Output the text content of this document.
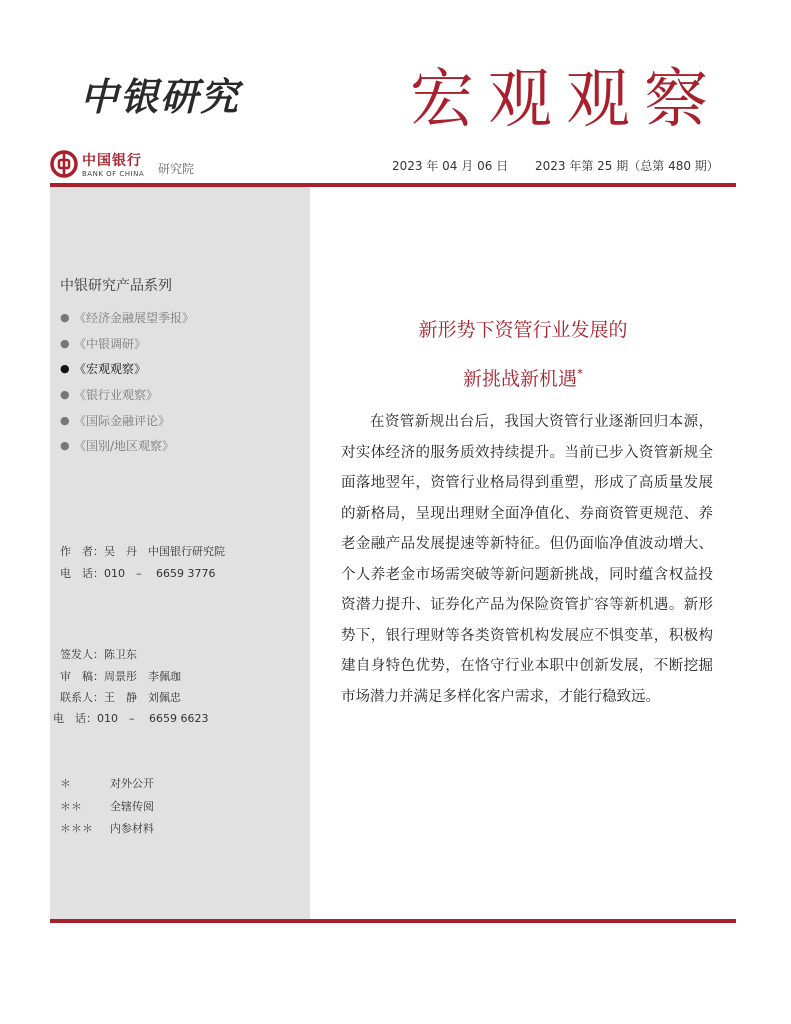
中银研究	宏观观察
中国银行
BANK OF CHINA 研究院	2023 年 04 月 06 日 2023 年第 25 期（总第 480 期）
中银研究产品系列
● 《经济金融展望季报》
● 《中银调研》
● 《宏观观察》
● 《银行业观察》
● 《国际金融评论》
● 《国别/地区观察》
作　者：吴　丹　中国银行研究院
电　话：010　–　 6659 3776
签发人：陈卫东
审　稿：周景彤　李佩珈
联系人：王　静　刘佩忠
电　话：010　–　 6659 6623
＊	对外公开
＊＊	全辖传阅
＊＊＊	内参材料
新形势下资管行业发展的
新挑战新机遇*

在资管新规出台后，我国大资管行业逐渐回归本源，对实体经济的服务质效持续提升。当前已步入资管新规全面落地翌年，资管行业格局得到重塑，形成了高质量发展的新格局，呈现出理财全面净值化、券商资管更规范、养老金融产品发展提速等新特征。但仍面临净值波动增大、个人养老金市场需突破等新问题新挑战，同时蕴含权益投资潜力提升、证券化产品为保险资管扩容等新机遇。新形势下，银行理财等各类资管机构发展应不惧变革，积极构建自身特色优势，在恪守行业本职中创新发展，不断挖掘市场潜力并满足多样化客户需求，才能行稳致远。
